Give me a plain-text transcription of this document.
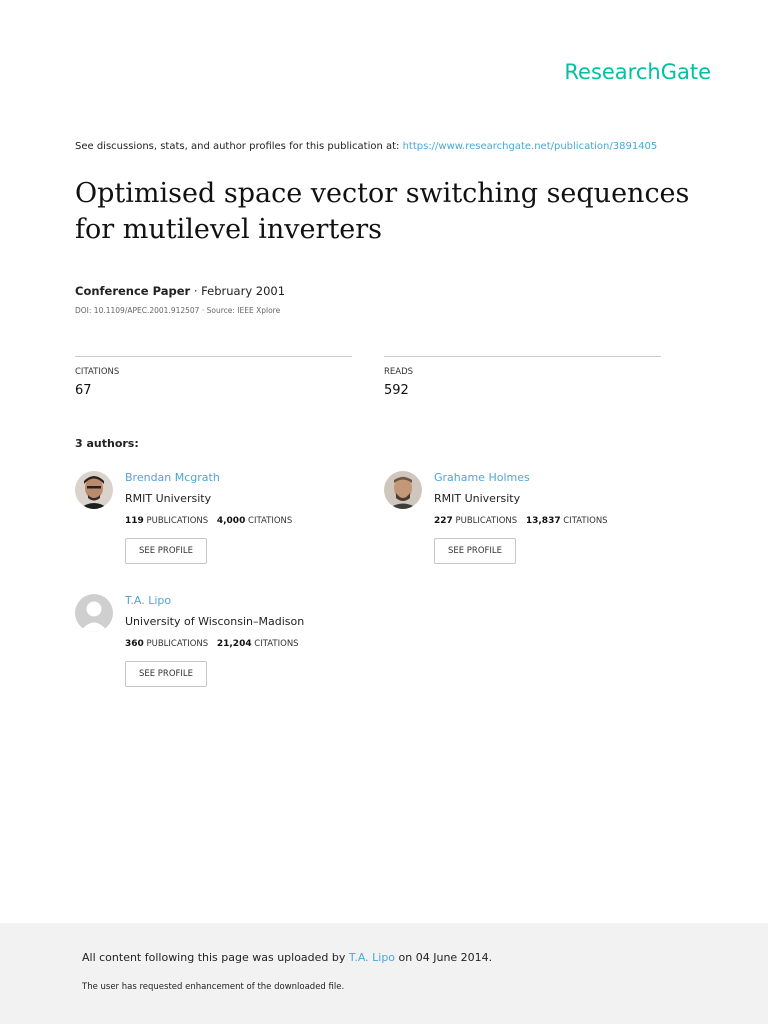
ResearchGate
See discussions, stats, and author profiles for this publication at: https://www.researchgate.net/publication/3891405
Optimised space vector switching sequences for mutilevel inverters
Conference Paper · February 2001
DOI: 10.1109/APEC.2001.912507 · Source: IEEE Xplore
CITATIONS
67
READS
592
3 authors:
Brendan Mcgrath
RMIT University
119 PUBLICATIONS 4,000 CITATIONS
SEE PROFILE
Grahame Holmes
RMIT University
227 PUBLICATIONS 13,837 CITATIONS
SEE PROFILE
T.A. Lipo
University of Wisconsin–Madison
360 PUBLICATIONS 21,204 CITATIONS
SEE PROFILE
All content following this page was uploaded by T.A. Lipo on 04 June 2014.
The user has requested enhancement of the downloaded file.
